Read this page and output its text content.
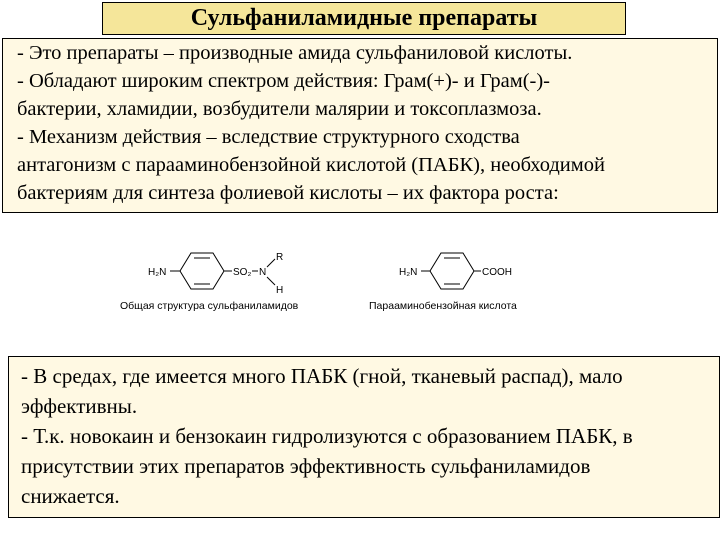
Сульфаниламидные препараты
- Это препараты – производные амида сульфаниловой кислоты.
- Обладают широким спектром действия: Грам(+)- и Грам(-)-
бактерии, хламидии, возбудители малярии и токсоплазмоза.
- Механизм действия – вследствие структурного сходства
антагонизм с парааминобензойной кислотой (ПАБК), необходимой
бактериям для синтеза фолиевой кислоты – их фактора роста:
H₂N	SO₂ N
R
H
H₂N	COOH
Общая структура сульфаниламидов	Парааминобензойная кислота
- В средах, где имеется много ПАБК (гной, тканевый распад), мало
эффективны.
- Т.к. новокаин и бензокаин гидролизуются с образованием ПАБК, в
присутствии этих препаратов эффективность сульфаниламидов
снижается.
